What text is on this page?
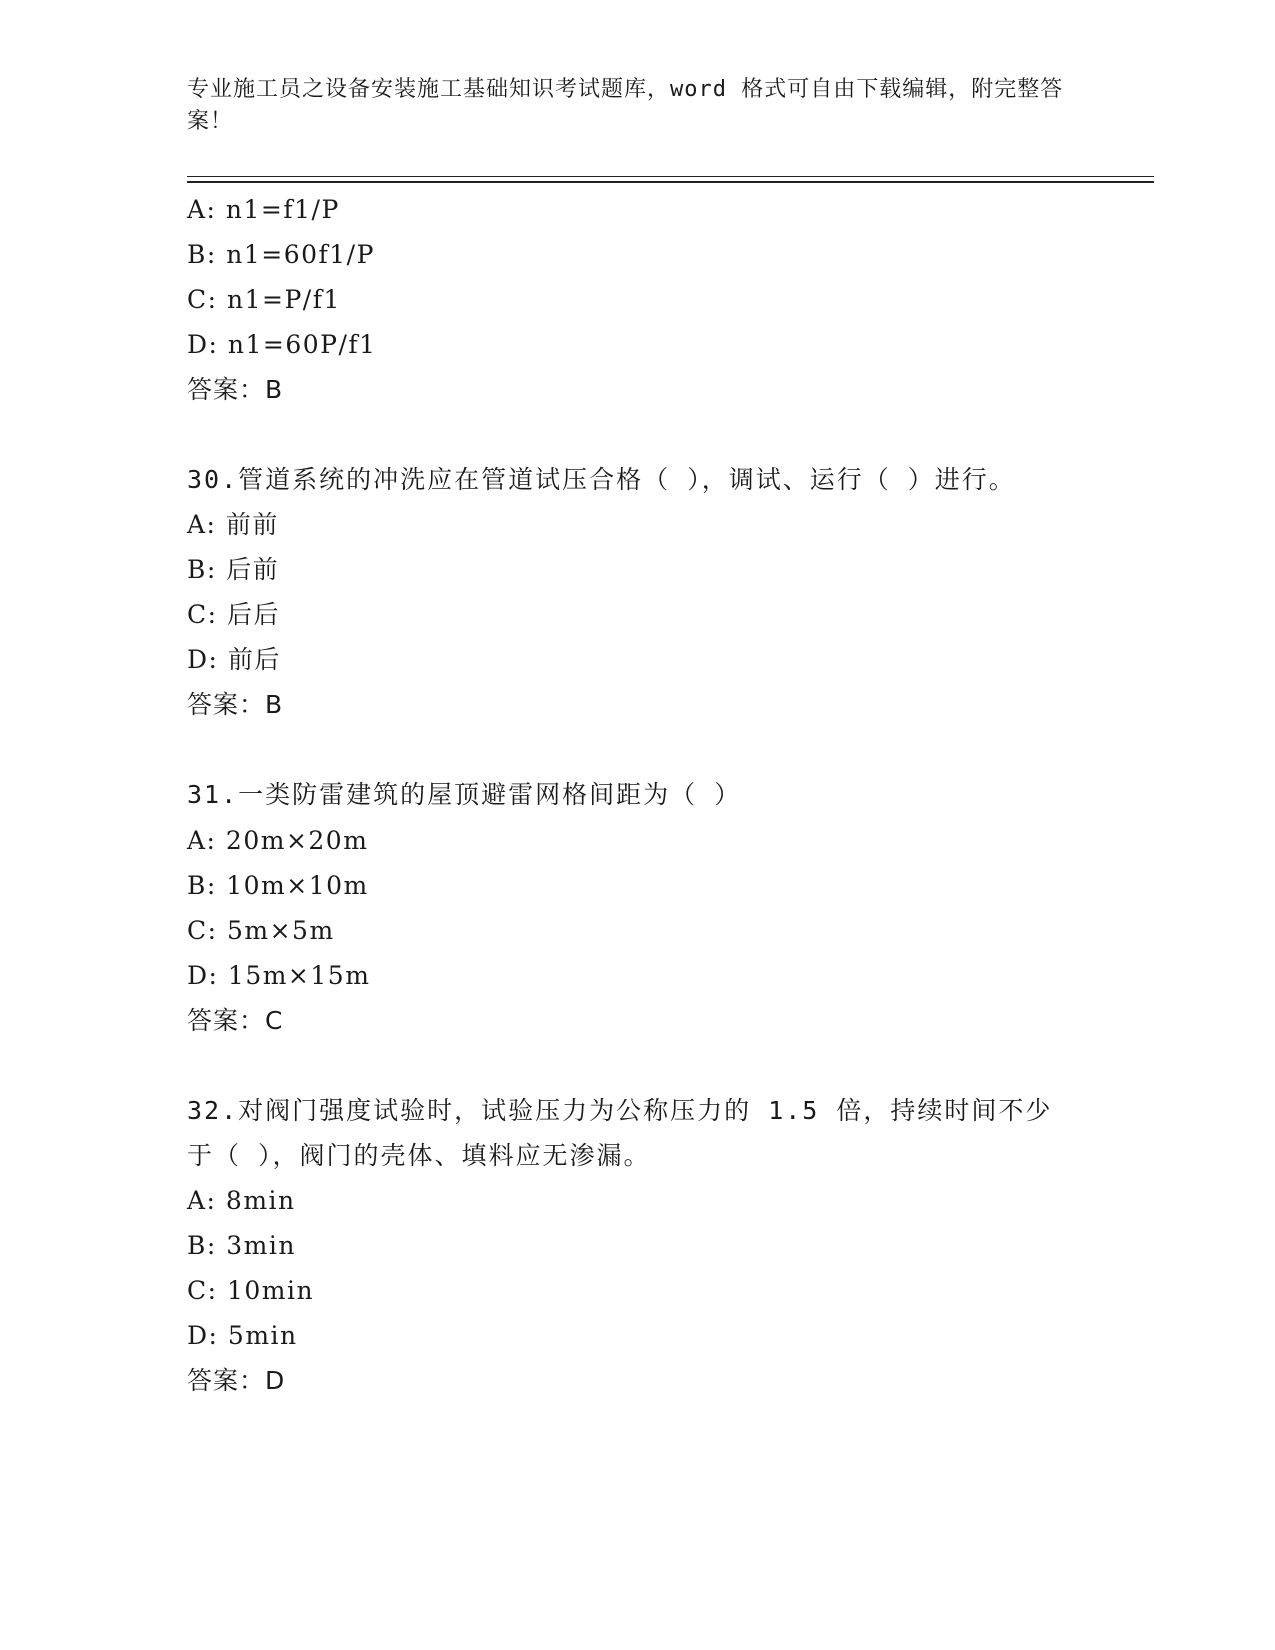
专业施工员之设备安装施工基础知识考试题库，word 格式可自由下载编辑，附完整答案！
A: n1=f1/P
B: n1=60f1/P
C: n1=P/f1
D: n1=60P/f1
答案：B
30.管道系统的冲洗应在管道试压合格（ ），调试、运行（ ）进行。
A: 前前
B: 后前
C: 后后
D: 前后
答案：B
31.一类防雷建筑的屋顶避雷网格间距为（ ）
A: 20m×20m
B: 10m×10m
C: 5m×5m
D: 15m×15m
答案：C
32.对阀门强度试验时，试验压力为公称压力的 1.5 倍，持续时间不少
于（ ），阀门的壳体、填料应无渗漏。
A: 8min
B: 3min
C: 10min
D: 5min
答案：D
